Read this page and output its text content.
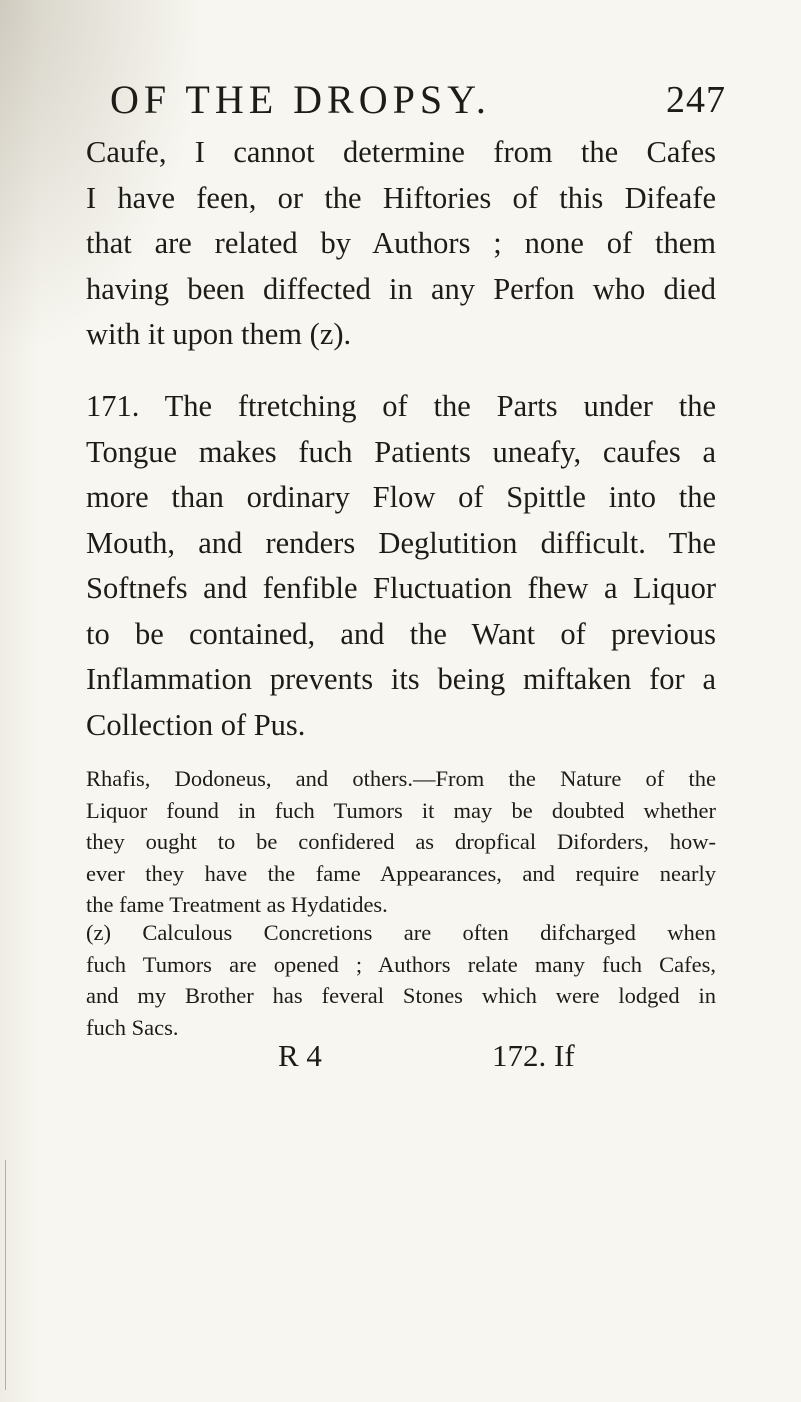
OF THE DROPSY.	247
Caufe, I cannot determine from the Cafes
I have feen, or the Hiftories of this Difeafe
that are related by Authors ; none of them
having been diffected in any Perfon who died
with it upon them (z).
171. The ftretching of the Parts under the
Tongue makes fuch Patients uneafy, caufes a
more than ordinary Flow of Spittle into the
Mouth, and renders Deglutition difficult. The
Softnefs and fenfible Fluctuation fhew a Liquor
to be contained, and the Want of previous
Inflammation prevents its being miftaken for a
Collection of Pus.
Rhafis, Dodoneus, and others.—From the Nature of the
Liquor found in fuch Tumors it may be doubted whether
they ought to be confidered as dropfical Diforders, how-
ever they have the fame Appearances, and require nearly
the fame Treatment as Hydatides.
(z) Calculous Concretions are often difcharged when
fuch Tumors are opened ; Authors relate many fuch Cafes,
and my Brother has feveral Stones which were lodged in
fuch Sacs.
R 4	172. If
